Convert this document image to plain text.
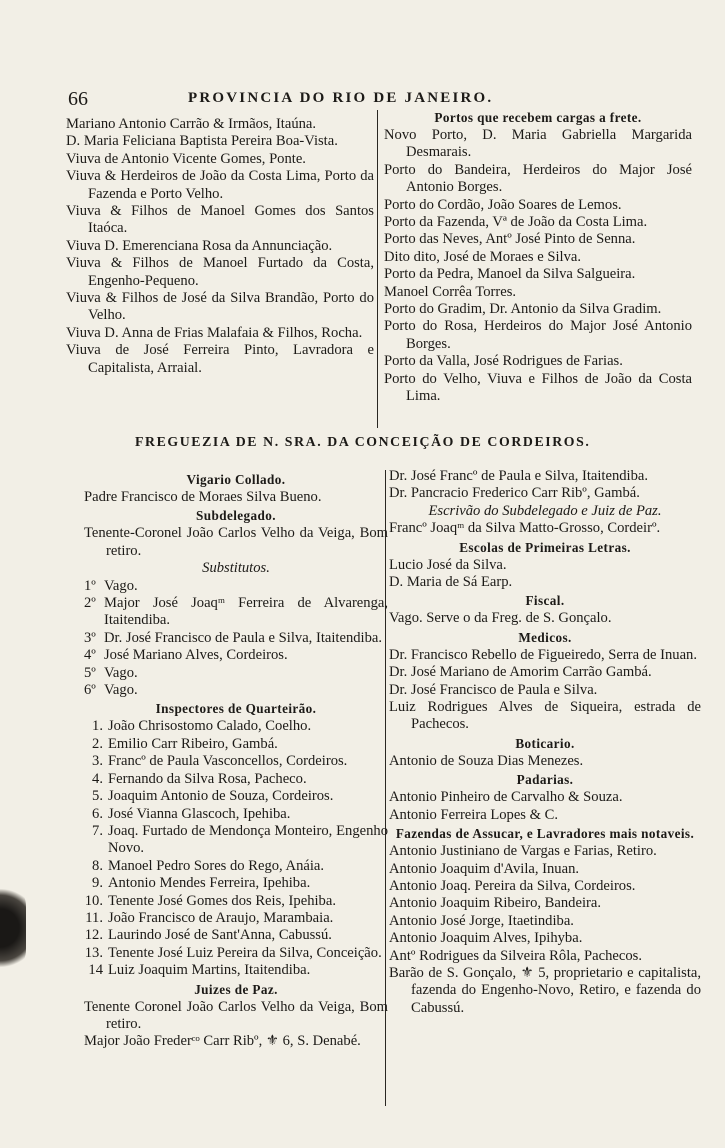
66	PROVINCIA DO RIO DE JANEIRO.
Mariano Antonio Carrão & Irmãos, Itaúna.
D. Maria Feliciana Baptista Pereira Boa-Vista.
Viuva de Antonio Vicente Gomes, Ponte.
Viuva & Herdeiros de João da Costa Lima, Porto da Fazenda e Porto Velho.
Viuva & Filhos de Manoel Gomes dos Santos Itaóca.
Viuva D. Emerenciana Rosa da Annunciação.
Viuva & Filhos de Manoel Furtado da Costa, Engenho-Pequeno.
Viuva & Filhos de José da Silva Brandão, Porto do Velho.
Viuva D. Anna de Frias Malafaia & Filhos, Rocha.
Viuva de José Ferreira Pinto, Lavradora e Capitalista, Arraial.
Portos que recebem cargas a frete.
Novo Porto, D. Maria Gabriella Margarida Desmarais.
Porto do Bandeira, Herdeiros do Major José Antonio Borges.
Porto do Cordão, João Soares de Lemos.
Porto da Fazenda, Vª de João da Costa Lima.
Porto das Neves, Antº José Pinto de Senna.
Dito dito, José de Moraes e Silva.
Porto da Pedra, Manoel da Silva Salgueira.
Manoel Corrêa Torres.
Porto do Gradim, Dr. Antonio da Silva Gradim.
Porto do Rosa, Herdeiros do Major José Antonio Borges.
Porto da Valla, José Rodrigues de Farias.
Porto do Velho, Viuva e Filhos de João da Costa Lima.
FREGUEZIA DE N. SRA. DA CONCEIÇÃO DE CORDEIROS.
Vigario Collado.
Padre Francisco de Moraes Silva Bueno.
Subdelegado.
Tenente-Coronel João Carlos Velho da Veiga, Bom retiro.
Substitutos.
1º Vago.
2º Major José Joaqᵐ Ferreira de Alvarenga, Itaitendiba.
3º Dr. José Francisco de Paula e Silva, Itaitendiba.
4º José Mariano Alves, Cordeiros.
5º Vago.
6º Vago.
Inspectores de Quarteirão.
1. João Chrisostomo Calado, Coelho.
2. Emilio Carr Ribeiro, Gambá.
3. Francº de Paula Vasconcellos, Cordeiros.
4. Fernando da Silva Rosa, Pacheco.
5. Joaquim Antonio de Souza, Cordeiros.
6. José Vianna Glascoch, Ipehiba.
7. Joaq. Furtado de Mendonça Monteiro, Engenho Novo.
8. Manoel Pedro Sores do Rego, Anáia.
9. Antonio Mendes Ferreira, Ipehiba.
10. Tenente José Gomes dos Reis, Ipehiba.
11. João Francisco de Araujo, Marambaia.
12. Laurindo José de Sant'Anna, Cabussú.
13. Tenente José Luiz Pereira da Silva, Conceição.
14 Luiz Joaquim Martins, Itaitendiba.
Juizes de Paz.
Tenente Coronel João Carlos Velho da Veiga, Bom retiro.
Major João Frederᶜᵒ Carr Ribº, ⚜ 6, S. Denabé.
Dr. José Francº de Paula e Silva, Itaitendiba.
Dr. Pancracio Frederico Carr Ribº, Gambá.
Escrivão do Subdelegado e Juiz de Paz.
Francº Joaqᵐ da Silva Matto-Grosso, Cordeirº.
Escolas de Primeiras Letras.
Lucio José da Silva.
D. Maria de Sá Earp.
Fiscal.
Vago. Serve o da Freg. de S. Gonçalo.
Medicos.
Dr. Francisco Rebello de Figueiredo, Serra de Inuan.
Dr. José Mariano de Amorim Carrão Gambá.
Dr. José Francisco de Paula e Silva.
Luiz Rodrigues Alves de Siqueira, estrada de Pachecos.
Boticario.
Antonio de Souza Dias Menezes.
Padarias.
Antonio Pinheiro de Carvalho & Souza.
Antonio Ferreira Lopes & C.
Fazendas de Assucar, e Lavradores mais notaveis.
Antonio Justiniano de Vargas e Farias, Retiro.
Antonio Joaquim d'Avila, Inuan.
Antonio Joaq. Pereira da Silva, Cordeiros.
Antonio Joaquim Ribeiro, Bandeira.
Antonio José Jorge, Itaetindiba.
Antonio Joaquim Alves, Ipihyba.
Antº Rodrigues da Silveira Rôla, Pachecos.
Barão de S. Gonçalo, ⚜ 5, proprietario e capitalista, fazenda do Engenho-Novo, Retiro, e fazenda do Cabussú.
